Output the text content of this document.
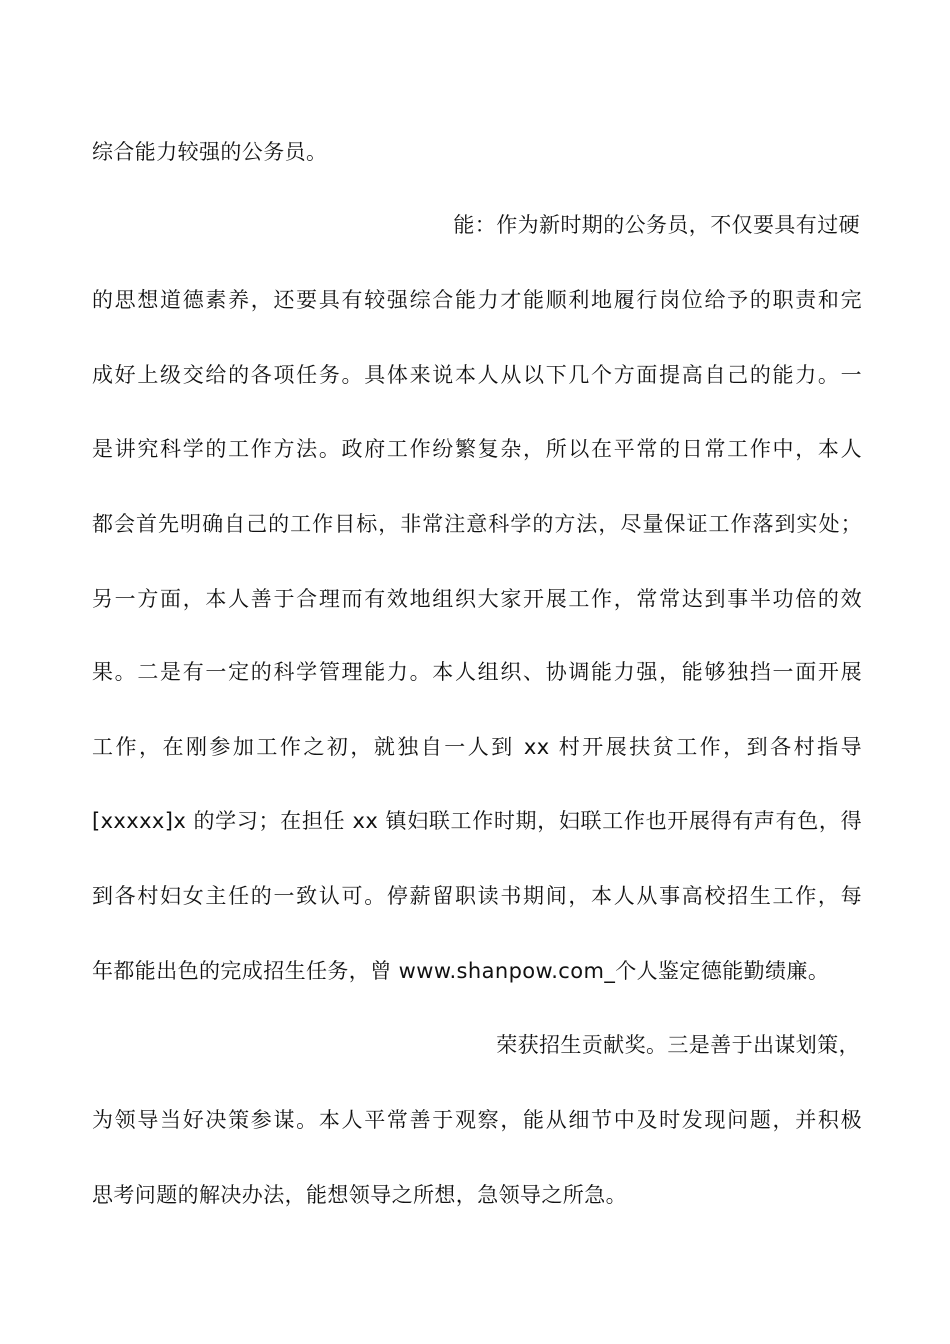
综合能力较强的公务员。
能：作为新时期的公务员，不仅要具有过硬
的思想道德素养，还要具有较强综合能力才能顺利地履行岗位给予的职责和完
成好上级交给的各项任务。具体来说本人从以下几个方面提高自己的能力。一
是讲究科学的工作方法。政府工作纷繁复杂，所以在平常的日常工作中，本人
都会首先明确自己的工作目标，非常注意科学的方法，尽量保证工作落到实处；
另一方面，本人善于合理而有效地组织大家开展工作，常常达到事半功倍的效
果。二是有一定的科学管理能力。本人组织、协调能力强，能够独挡一面开展
工作，在刚参加工作之初，就独自一人到 xx 村开展扶贫工作，到各村指导
[xxxxx]x 的学习；在担任 xx 镇妇联工作时期，妇联工作也开展得有声有色，得
到各村妇女主任的一致认可。停薪留职读书期间，本人从事高校招生工作，每
年都能出色的完成招生任务，曾 www.shanpow.com_个人鉴定德能勤绩廉。
荣获招生贡献奖。三是善于出谋划策，
为领导当好决策参谋。本人平常善于观察，能从细节中及时发现问题，并积极
思考问题的解决办法，能想领导之所想，急领导之所急。
